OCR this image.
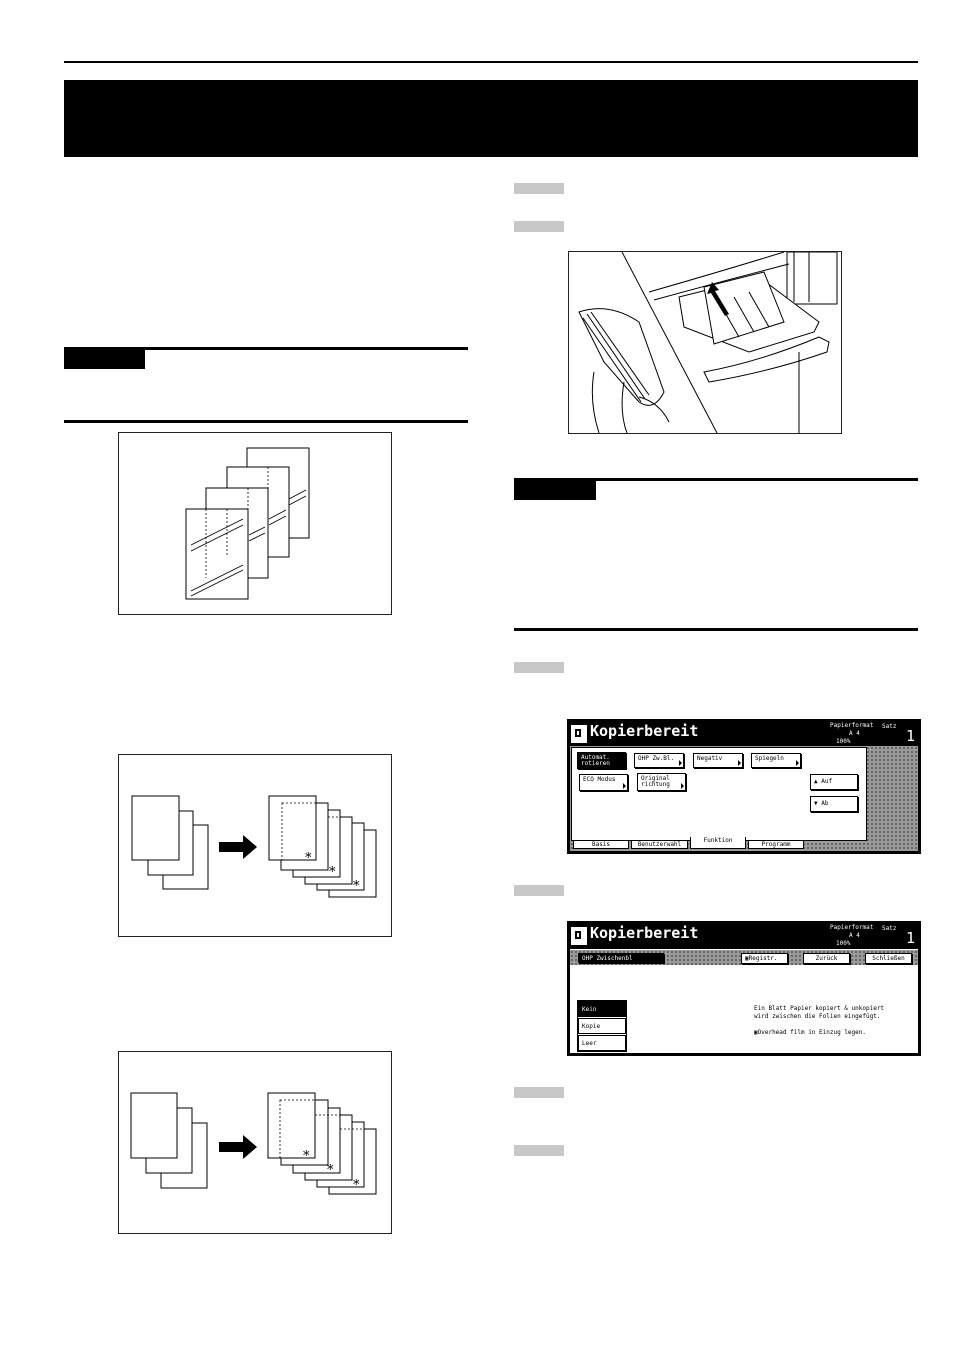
*
*
*
*
*
*
Kopierbereit	Papierformat Satz
A 4
100%	1
Automat.
rotieren
OHP Zw.Bl.	Negativ	Spiegeln
ECO Modus	Original
richtung	▲ Auf
▼ Ab
Basis	Benutzerwahl
Funktion
Programm
Kopierbereit	Papierformat Satz
A 4
100%	1
OHP Zwischenbl	▣Registr.	Zurück	Schließen
Kein
Kopie
Leer
Ein Blatt Papier kopiert & unkopiert
wird zwischen die Folien eingefügt.
▣Overhead film in Einzug legen.
